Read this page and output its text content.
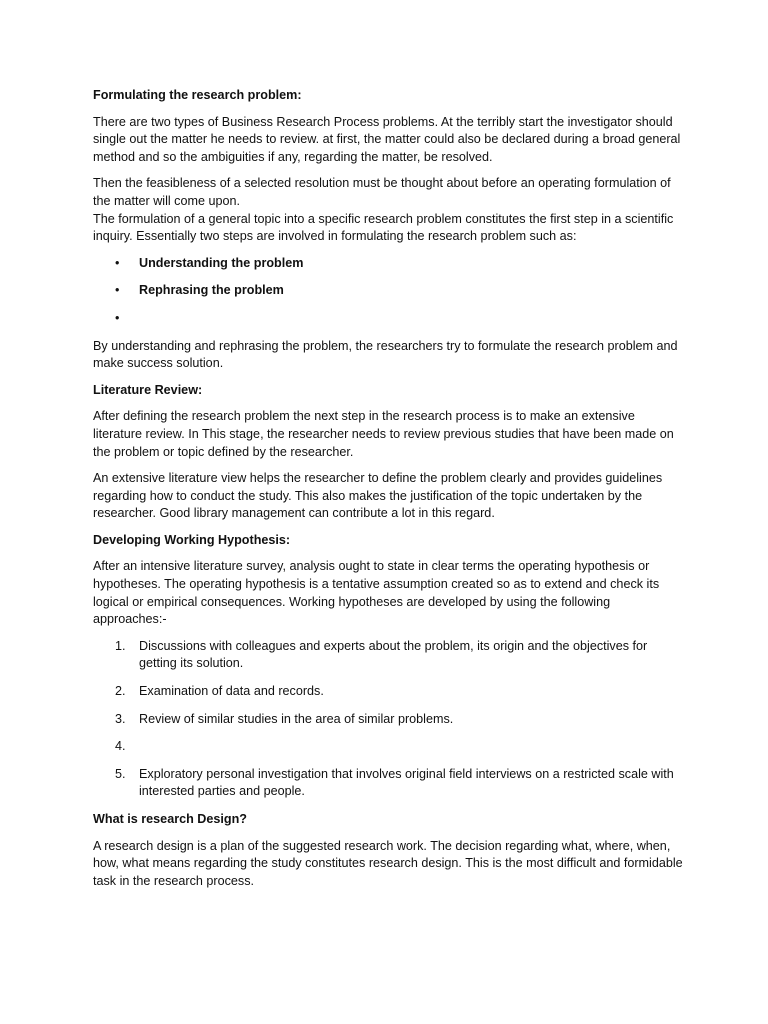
Formulating the research problem:

There are two types of Business Research Process problems. At the terribly start the investigator should single out the matter he needs to review. at first, the matter could also be declared during a broad general method and so the ambiguities if any, regarding the matter, be resolved.

Then the feasibleness of a selected resolution must be thought about before an operating formulation of the matter will come upon.

The formulation of a general topic into a specific research problem constitutes the first step in a scientific inquiry. Essentially two steps are involved in formulating the research problem such as:

• Understanding the problem
• Rephrasing the problem
•

By understanding and rephrasing the problem, the researchers try to formulate the research problem and make success solution.

Literature Review:

After defining the research problem the next step in the research process is to make an extensive literature review. In This stage, the researcher needs to review previous studies that have been made on the problem or topic defined by the researcher.

An extensive literature view helps the researcher to define the problem clearly and provides guidelines regarding how to conduct the study. This also makes the justification of the topic undertaken by the researcher. Good library management can contribute a lot in this regard.

Developing Working Hypothesis:

After an intensive literature survey, analysis ought to state in clear terms the operating hypothesis or hypotheses. The operating hypothesis is a tentative assumption created so as to extend and check its logical or empirical consequences. Working hypotheses are developed by using the following approaches:-

1. Discussions with colleagues and experts about the problem, its origin and the objectives for getting its solution.
2. Examination of data and records.
3. Review of similar studies in the area of similar problems.
4.
5. Exploratory personal investigation that involves original field interviews on a restricted scale with interested parties and people.
What is research Design?

A research design is a plan of the suggested research work. The decision regarding what, where, when, how, what means regarding the study constitutes research design. This is the most difficult and formidable task in the research process.
